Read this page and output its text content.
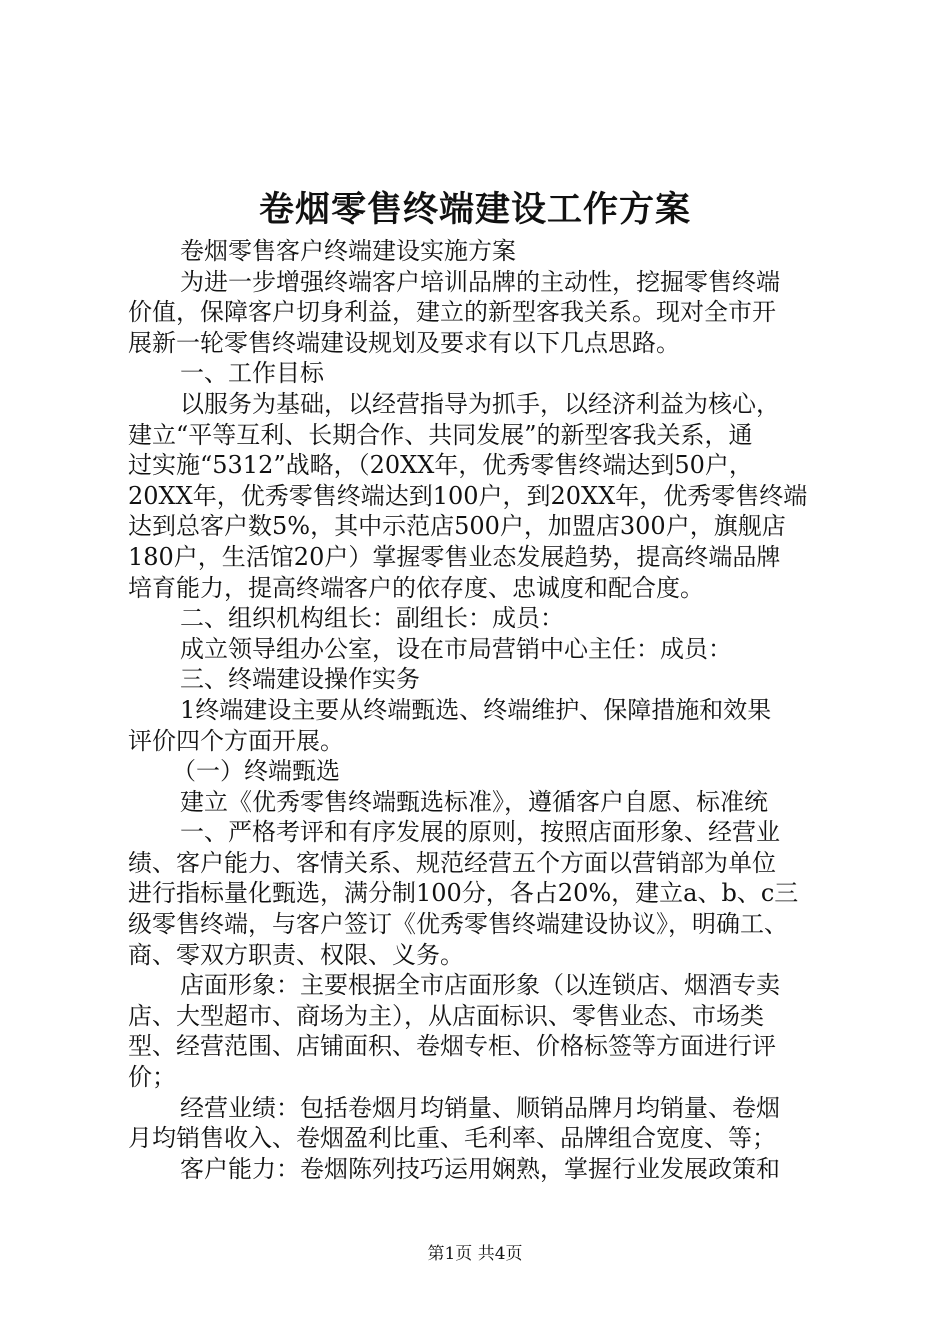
卷烟零售终端建设工作方案
卷烟零售客户终端建设实施方案
为进一步增强终端客户培训品牌的主动性，挖掘零售终端
价值，保障客户切身利益，建立的新型客我关系。现对全市开
展新一轮零售终端建设规划及要求有以下几点思路。
一、工作目标
以服务为基础，以经营指导为抓手，以经济利益为核心，
建立“平等互利、长期合作、共同发展”的新型客我关系，通
过实施“5312”战略，（20XX年，优秀零售终端达到50户，
20XX年，优秀零售终端达到100户，到20XX年，优秀零售终端
达到总客户数5%，其中示范店500户，加盟店300户，旗舰店
180户，生活馆20户）掌握零售业态发展趋势，提高终端品牌
培育能力，提高终端客户的依存度、忠诚度和配合度。
二、组织机构组长：副组长：成员：
成立领导组办公室，设在市局营销中心主任：成员：
三、终端建设操作实务
1终端建设主要从终端甄选、终端维护、保障措施和效果
评价四个方面开展。
（一）终端甄选
建立《优秀零售终端甄选标准》，遵循客户自愿、标准统
一、严格考评和有序发展的原则，按照店面形象、经营业
绩、客户能力、客情关系、规范经营五个方面以营销部为单位
进行指标量化甄选，满分制100分，各占20%，建立a、b、c三
级零售终端，与客户签订《优秀零售终端建设协议》，明确工、
商、零双方职责、权限、义务。
店面形象：主要根据全市店面形象（以连锁店、烟酒专卖
店、大型超市、商场为主），从店面标识、零售业态、市场类
型、经营范围、店铺面积、卷烟专柜、价格标签等方面进行评
价；
经营业绩：包括卷烟月均销量、顺销品牌月均销量、卷烟
月均销售收入、卷烟盈利比重、毛利率、品牌组合宽度、等；
客户能力：卷烟陈列技巧运用娴熟，掌握行业发展政策和
第1页 共4页
